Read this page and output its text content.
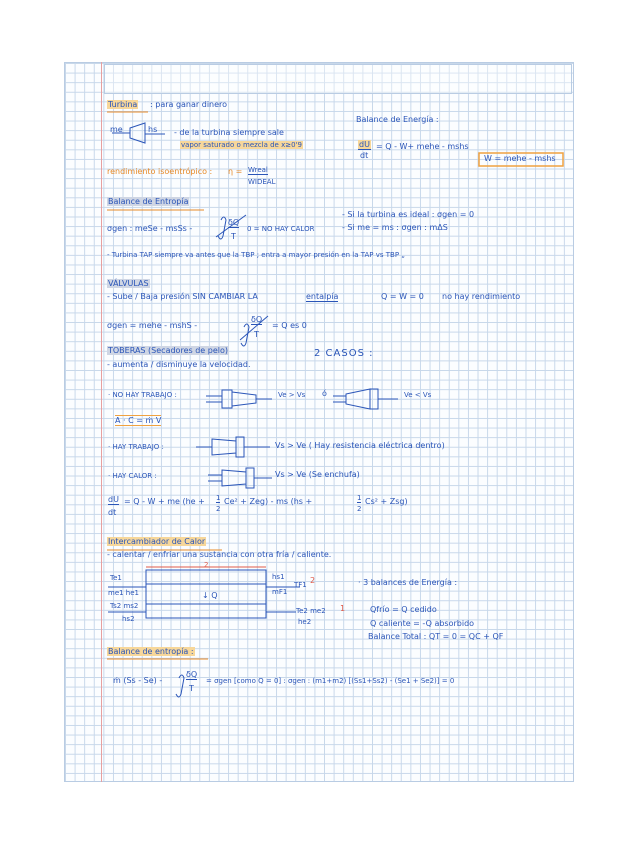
Turbina : para ganar dinero
me	hs - de la turbina siempre sale
vapor saturado o mezcla de x≥0'9
rendimiento isoentrópico : η = Wreal
WIDEAL
Balance de Energía :
dU
dt
= Q - W+ mehe - mshs
W = mehe - mshs
Balance de Entropía
- Si la turbina es ideal : σgen = 0
σgen : meSe - msSs -
δQ
T
0 = NO HAY CALOR	- Si me = ms : σgen : mΔS
- Turbina TAP siempre va antes que la TBP ; entra a mayor presión en la TAP vs TBP „
VÁLVULAS
- Sube / Baja presión SIN CAMBIAR LA	entalpía	Q = W = 0 no hay rendimiento
σgen = mehe - mshS -
δQ
T
= Q es 0
TOBERAS (Secadores de pelo)	2 CASOS :
- aumenta / disminuye la velocidad.
· NO HAY TRABAJO :	Ve > Vs ó	Ve < Vs
A · C = ṁ V
· HAY TRABAJO :	Vs > Ve ( Hay resistencia eléctrica dentro)
· HAY CALOR :	Vs > Ve (Se enchufa)
dU
dt
= Q - W + me (he + 1
2
Ce² + Zeg) - ms (hs +	1
2
Cs² + Zsg)
Intercambiador de Calor
- calentar / enfriar una sustancia con otra fría / caliente.
2
Te1
me1 he1
Ts2 ms2
hs2
↓ Q
hs1
TF1
mF1
2
Te2 me2
he2
1
· 3 balances de Energía :
Qfrío = Q cedido
Q caliente = -Q absorbido
Balance Total : QT = 0 = QC + QF
Balance de entropía :
ṁ (Ss - Se) -
δQ
T
= σgen [como Q = 0] : σgen : (m1+m2) [(Ss1+Ss2) - (Se1 + Se2)] = 0
